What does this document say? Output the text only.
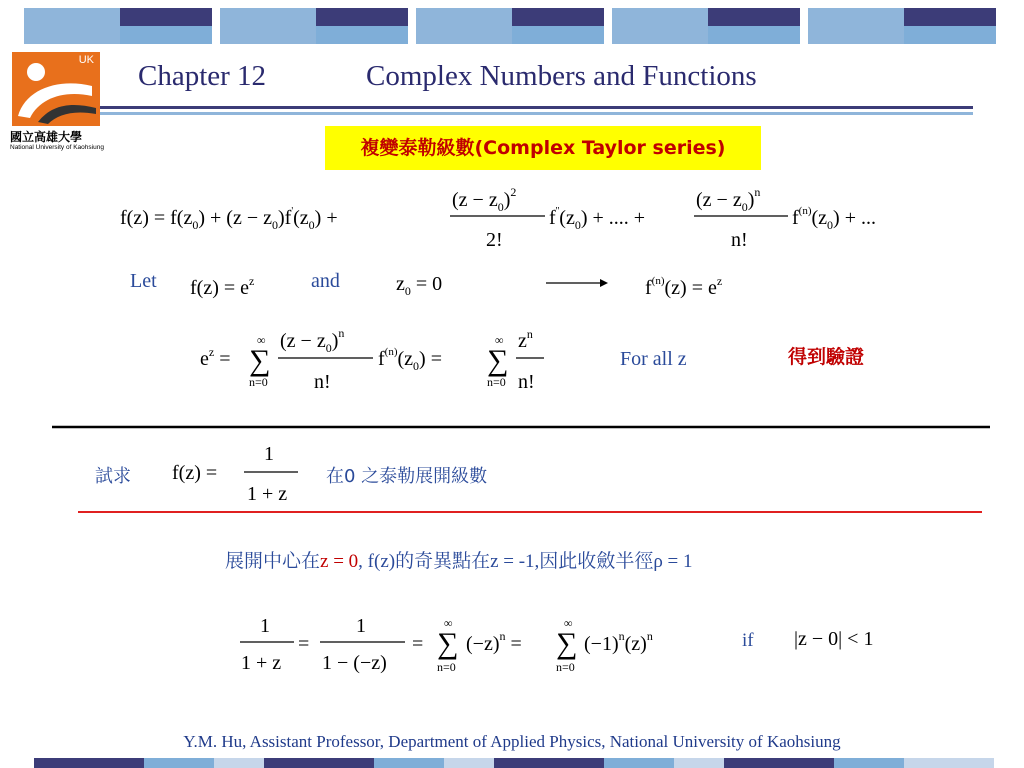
UK
國立高雄大學
National University of Kaohsiung
Chapter 12	Complex Numbers and Functions
複變泰勒級數(Complex Taylor series)
$f(z) = f(z_0) + (z - z_0)f'(z_0)$ +
$(z - z_0)^2$
2!
$f''(z_0)$ + .... +
$(z - z_0)^n$
n!
$f^{(n)}(z_0)$ + ...
$f(z) = e^z$	$z_0 = 0$	$f^{(n)}(z) = e^z$
$e^z$ =
∞
∑
n=0
$(z - z_0)^n$
n!
$f^{(n)}(z_0)$ =
∞
∑
n=0
$z^n$
n!
f(z) =
1
1 + z
1
1 + z
=
1
1 − (−z)
=
∞
∑
n=0
$(-z)^n$ =
∞
∑
n=0
$(-1)^n(z)^n$	|z − 0| < 1
Let	and
For all z	得到驗證
試求	在0 之泰勒展開級數
展開中心在z = 0, f(z)的奇異點在z = -1,因此收斂半徑ρ = 1
if
Y.M. Hu, Assistant Professor, Department of Applied Physics, National University of Kaohsiung
